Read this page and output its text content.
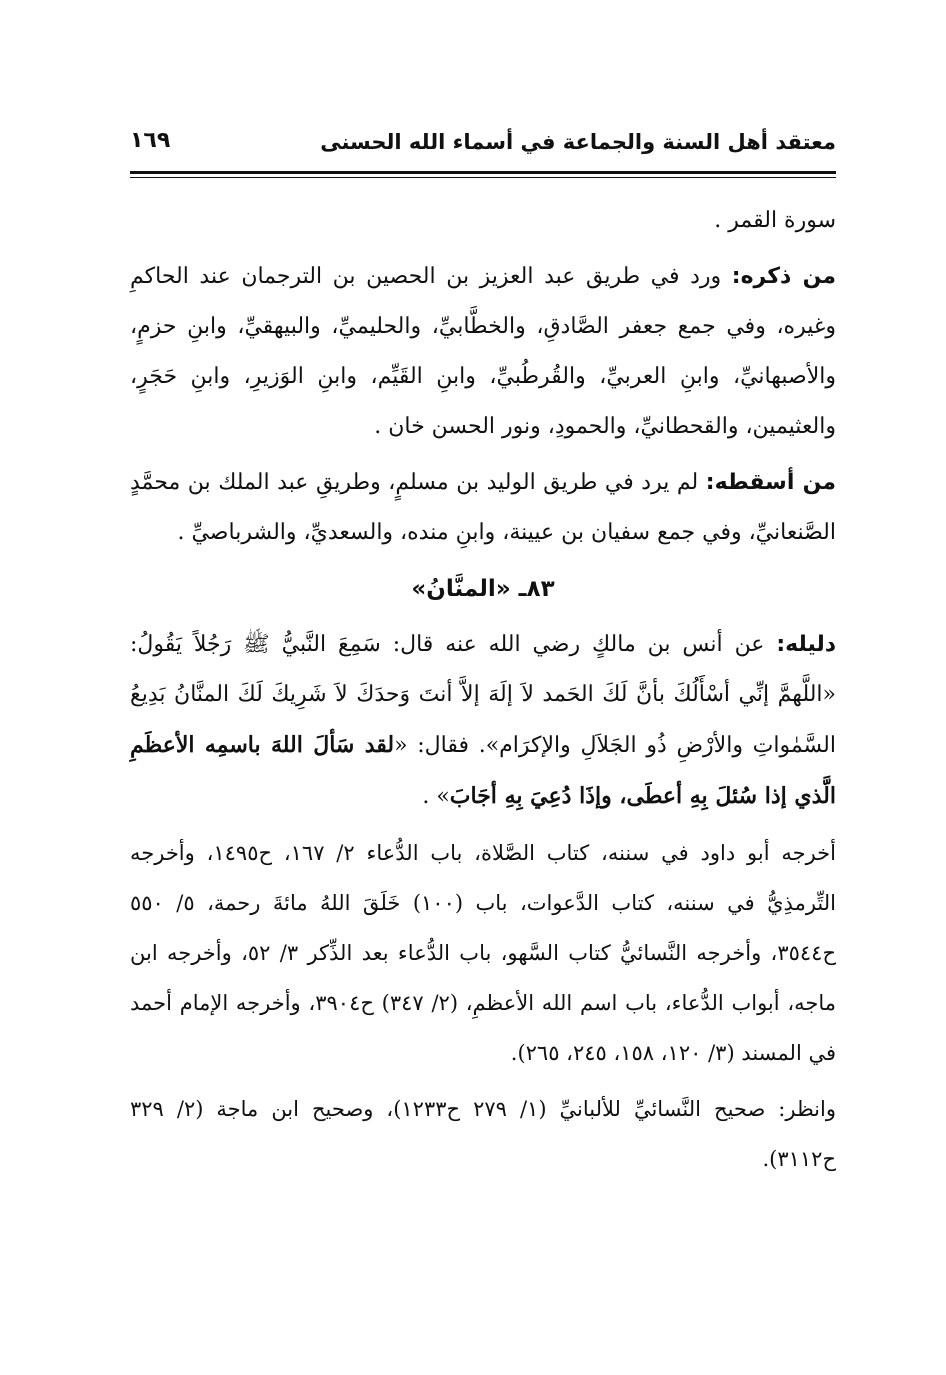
معتقد أهل السنة والجماعة في أسماء الله الحسنى
١٦٩

سورة القمر .

من ذكره: ورد في طريق عبد العزيز بن الحصين بن الترجمان عند الحاكمِ وغيره، وفي جمع جعفر الصَّادقِ، والخطَّابيِّ، والحليميِّ، والبيهقيِّ، وابنِ حزمٍ، والأصبهانيِّ، وابنِ العربيِّ، والقُرطُبيِّ، وابنِ القَيِّم، وابنِ الوَزيرِ، وابنِ حَجَرٍ، والعثيمين، والقحطانيِّ، والحمودِ، ونور الحسن خان .

من أسقطه: لم يرد في طريق الوليد بن مسلمٍ، وطريقِ عبد الملك بن محمَّدٍ الصَّنعانيِّ، وفي جمع سفيان بن عيينة، وابنِ منده، والسعديِّ، والشرباصيِّ .

٨٣ـ «المنَّانُ»

دليله: عن أنس بن مالكٍ رضي الله عنه قال: سَمِعَ النَّبيُّ ﷺ رَجُلاً يَقُولُ: «اللَّهمَّ إنِّي أسْأَلُكَ بأنَّ لَكَ الحَمد لاَ إلَهَ إلاَّ أنتَ وَحدَكَ لاَ شَرِيكَ لَكَ المنَّانُ بَدِيعُ السَّمٰواتِ والأرْضِ ذُو الجَلاَلِ والإكرَام». فقال: «لقد سَألَ اللهَ باسمِه الأعظَمِ الَّذي إذا سُئلَ بِهِ أعطَى، وإذَا دُعِيَ بِهِ أجَابَ» .

أخرجه أبو داود في سننه، كتاب الصَّلاة، باب الدُّعاء ٢/ ١٦٧، ح١٤٩٥، وأخرجه التِّرمذِيُّ في سننه، كتاب الدَّعوات، باب (١٠٠) خَلَقَ اللهُ مائةَ رحمة، ٥/ ٥٥٠ ح٣٥٤٤، وأخرجه النَّسائيُّ كتاب السَّهو، باب الدُّعاء بعد الذِّكر ٣/ ٥٢، وأخرجه ابن ماجه، أبواب الدُّعاء، باب اسم الله الأعظمِ، (٢/ ٣٤٧) ح٣٩٠٤، وأخرجه الإمام أحمد في المسند (٣/ ١٢٠، ١٥٨، ٢٤٥، ٢٦٥).

وانظر: صحيح النَّسائيِّ للألبانيِّ (١/ ٢٧٩ ح١٢٣٣)، وصحيح ابن ماجة (٢/ ٣٢٩ ح٣١١٢).
